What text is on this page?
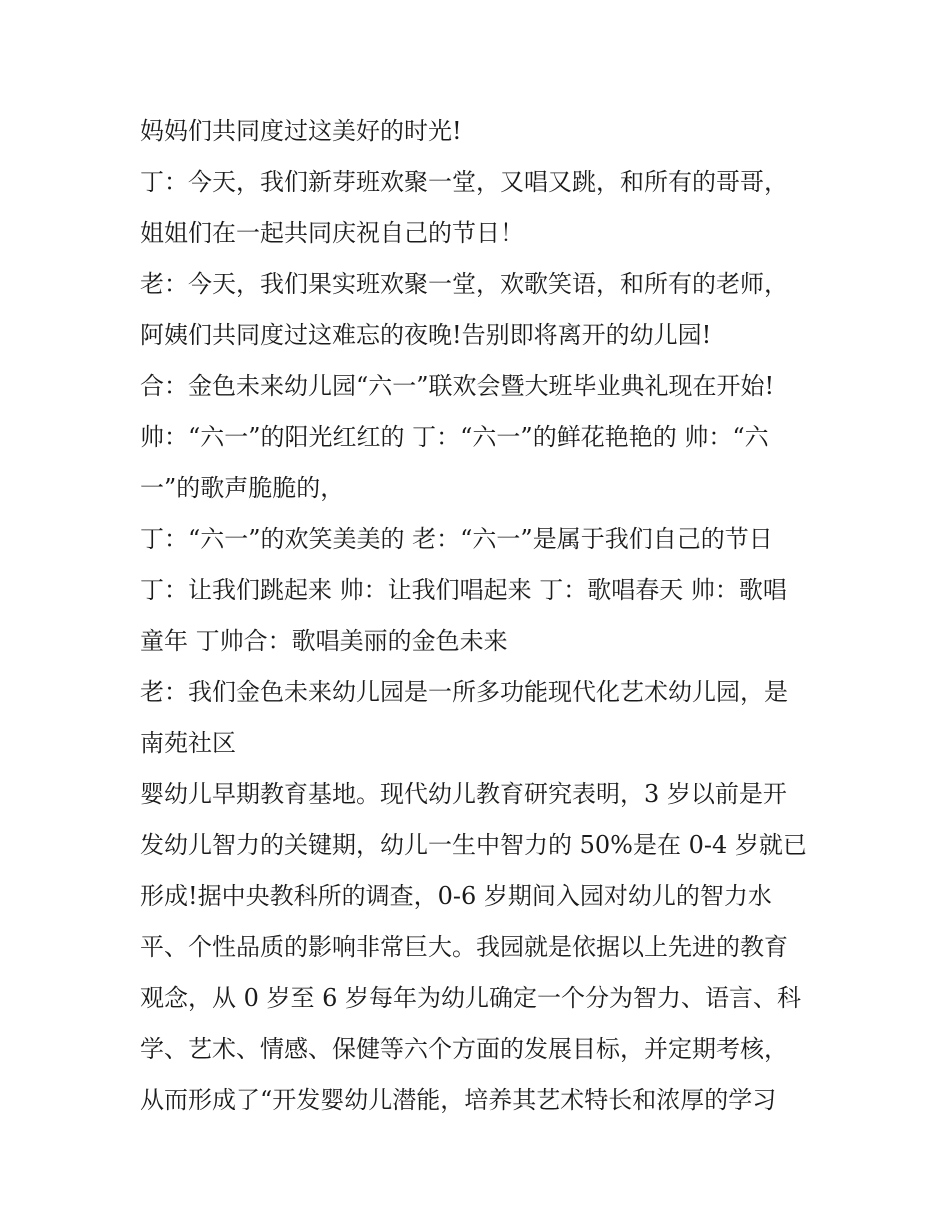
妈妈们共同度过这美好的时光!
丁：今天，我们新芽班欢聚一堂，又唱又跳，和所有的哥哥，
姐姐们在一起共同庆祝自己的节日！
老：今天，我们果实班欢聚一堂，欢歌笑语，和所有的老师，
阿姨们共同度过这难忘的夜晚!告别即将离开的幼儿园!
合：金色未来幼儿园“六一”联欢会暨大班毕业典礼现在开始!
帅：“六一”的阳光红红的 丁：“六一”的鲜花艳艳的 帅：“六
一”的歌声脆脆的，
丁：“六一”的欢笑美美的 老：“六一”是属于我们自己的节日
丁：让我们跳起来 帅：让我们唱起来 丁：歌唱春天 帅：歌唱
童年 丁帅合：歌唱美丽的金色未来
老：我们金色未来幼儿园是一所多功能现代化艺术幼儿园，是
南苑社区
婴幼儿早期教育基地。现代幼儿教育研究表明，3 岁以前是开
发幼儿智力的关键期，幼儿一生中智力的 50%是在 0-4 岁就已
形成!据中央教科所的调查，0-6 岁期间入园对幼儿的智力水
平、个性品质的影响非常巨大。我园就是依据以上先进的教育
观念，从 0 岁至 6 岁每年为幼儿确定一个分为智力、语言、科
学、艺术、情感、保健等六个方面的发展目标，并定期考核，
从而形成了“开发婴幼儿潜能，培养其艺术特长和浓厚的学习
